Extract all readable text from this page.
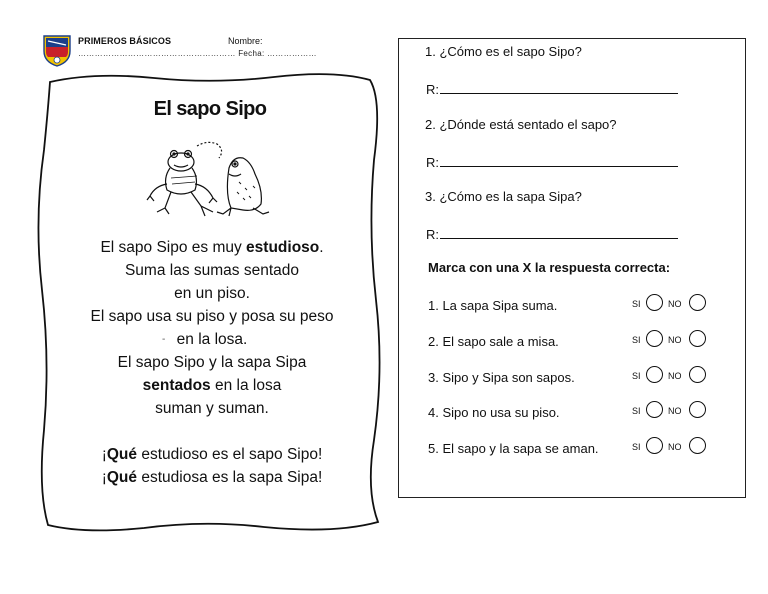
PRIMEROS BÁSICOS	Nombre:
………………………………………………… Fecha: ………………
El sapo Sipo
El sapo Sipo es muy estudioso.
Suma las sumas sentado
en un piso.
El sapo usa su piso y posa su peso
en la losa.
El sapo Sipo y la sapa Sipa
sentados en la losa
suman y suman.
¡Qué estudioso es el sapo Sipo!
¡Qué estudiosa es la sapa Sipa!
-
1. ¿Cómo es el sapo Sipo?
R:
2. ¿Dónde está sentado el sapo?
R:
3. ¿Cómo es la sapa Sipa?
R:
Marca con una X la respuesta correcta:
1. La sapa Sipa suma.	SI	NO
2. El sapo sale a misa.	SI	NO
3. Sipo y Sipa son sapos.	SI	NO
4. Sipo no usa su piso.	SI	NO
5. El sapo y la sapa se aman.	SI	NO
